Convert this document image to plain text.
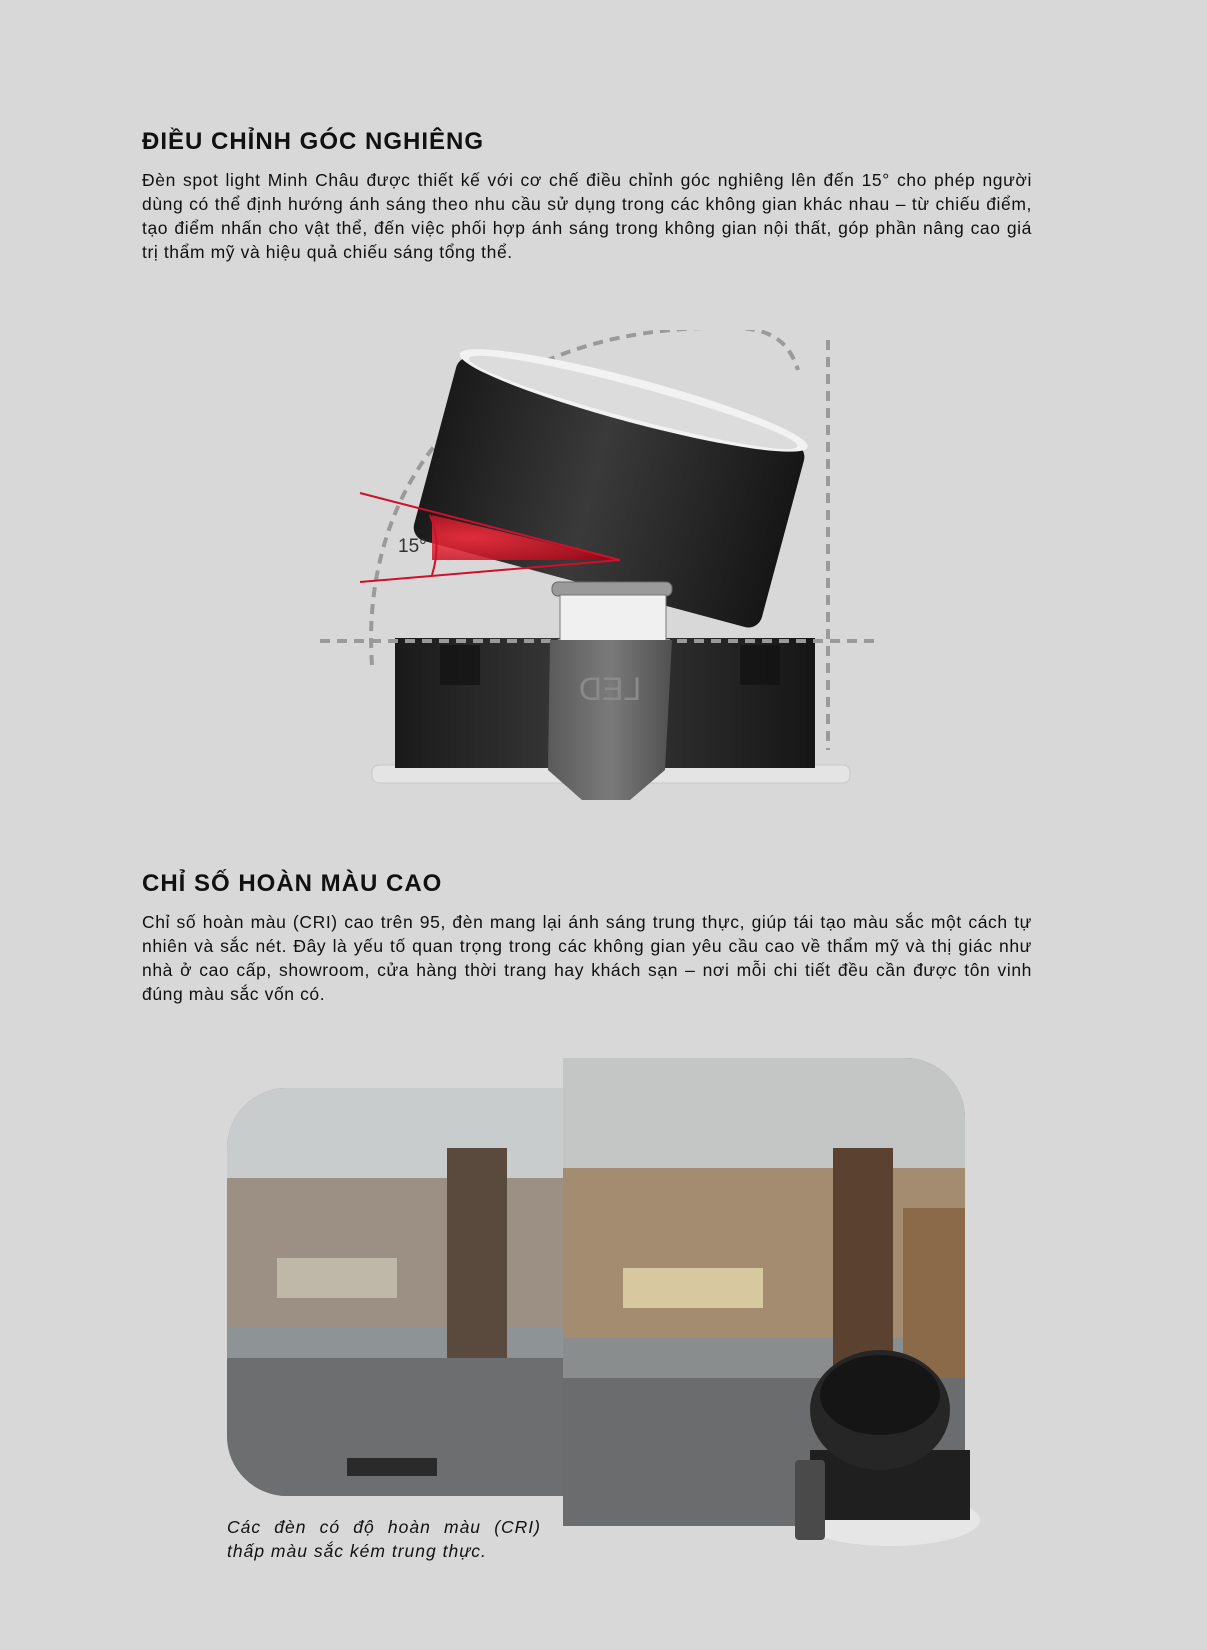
ĐIỀU CHỈNH GÓC NGHIÊNG

Đèn spot light Minh Châu được thiết kế với cơ chế điều chỉnh góc nghiêng lên đến 15° cho phép người dùng có thể định hướng ánh sáng theo nhu cầu sử dụng trong các không gian khác nhau – từ chiếu điểm, tạo điểm nhấn cho vật thể, đến việc phối hợp ánh sáng trong không gian nội thất, góp phần nâng cao giá trị thẩm mỹ và hiệu quả chiếu sáng tổng thể.

15°
LED
CHỈ SỐ HOÀN MÀU CAO

Chỉ số hoàn màu (CRI) cao trên 95, đèn mang lại ánh sáng trung thực, giúp tái tạo màu sắc một cách tự nhiên và sắc nét. Đây là yếu tố quan trọng trong các không gian yêu cầu cao về thẩm mỹ và thị giác như nhà ở cao cấp, showroom, cửa hàng thời trang hay khách sạn – nơi mỗi chi tiết đều cần được tôn vinh đúng màu sắc vốn có.

Các đèn có độ hoàn màu (CRI) thấp màu sắc kém trung thực.
